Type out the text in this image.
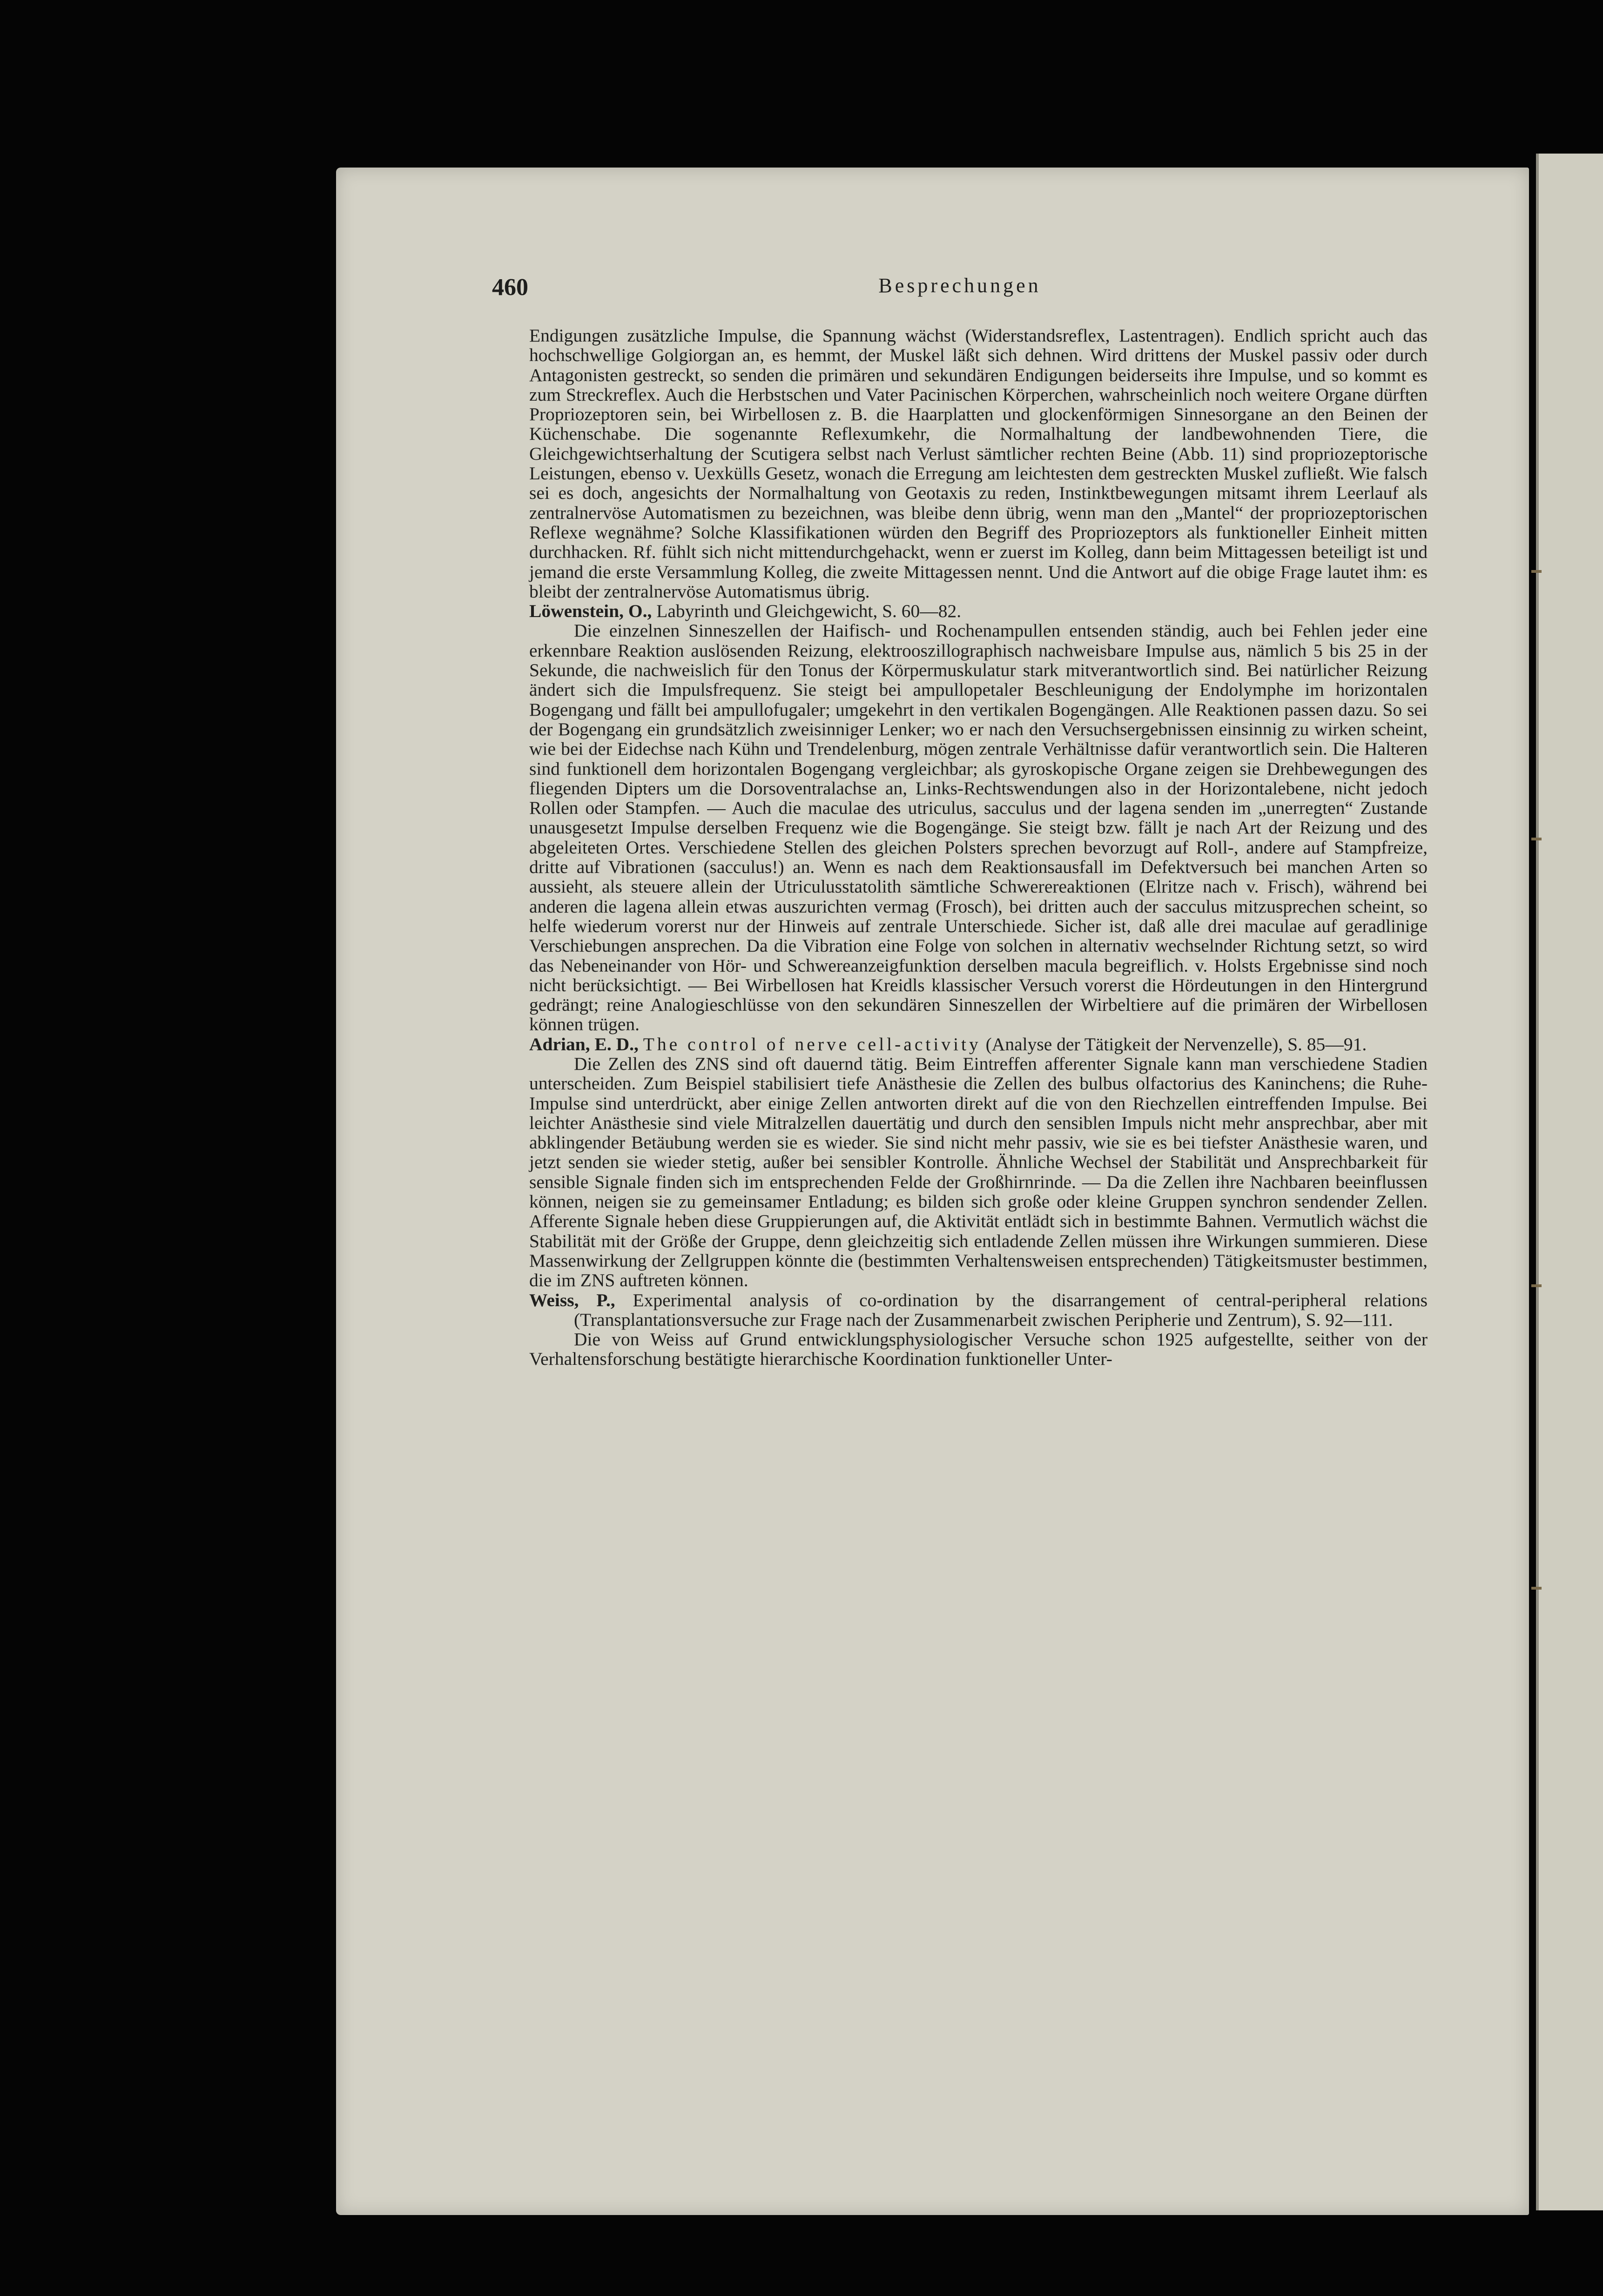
460	Besprechungen

Endigungen zusätzliche Impulse, die Spannung wächst (Widerstandsreflex, Lastentragen). Endlich spricht auch das hochschwellige Golgiorgan an, es hemmt, der Muskel läßt sich dehnen. Wird drittens der Muskel passiv oder durch Antagonisten gestreckt, so senden die primären und sekundären Endigungen beiderseits ihre Impulse, und so kommt es zum Streckreflex. Auch die Herbstschen und Vater Pacinischen Körperchen, wahrscheinlich noch weitere Organe dürften Propriozeptoren sein, bei Wirbellosen z. B. die Haarplatten und glockenförmigen Sinnesorgane an den Beinen der Küchenschabe. Die sogenannte Reflexumkehr, die Normalhaltung der landbewohnenden Tiere, die Gleichgewichtserhaltung der Scutigera selbst nach Verlust sämtlicher rechten Beine (Abb. 11) sind propriozeptorische Leistungen, ebenso v. Uexkülls Gesetz, wonach die Erregung am leichtesten dem gestreckten Muskel zufließt. Wie falsch sei es doch, angesichts der Normalhaltung von Geotaxis zu reden, Instinktbewegungen mitsamt ihrem Leerlauf als zentralnervöse Automatismen zu bezeichnen, was bleibe denn übrig, wenn man den „Mantel“ der propriozeptorischen Reflexe wegnähme? Solche Klassifikationen würden den Begriff des Propriozeptors als funktioneller Einheit mitten durchhacken. Rf. fühlt sich nicht mittendurchgehackt, wenn er zuerst im Kolleg, dann beim Mittagessen beteiligt ist und jemand die erste Versammlung Kolleg, die zweite Mittagessen nennt. Und die Antwort auf die obige Frage lautet ihm: es bleibt der zentralnervöse Automatismus übrig.

Löwenstein, O., Labyrinth und Gleichgewicht, S. 60—82.

Die einzelnen Sinneszellen der Haifisch- und Rochenampullen entsenden ständig, auch bei Fehlen jeder eine erkennbare Reaktion auslösenden Reizung, elektrooszillographisch nachweisbare Impulse aus, nämlich 5 bis 25 in der Sekunde, die nachweislich für den Tonus der Körpermuskulatur stark mitverantwortlich sind. Bei natürlicher Reizung ändert sich die Impulsfrequenz. Sie steigt bei ampullopetaler Beschleunigung der Endolymphe im horizontalen Bogengang und fällt bei ampullofugaler; umgekehrt in den vertikalen Bogengängen. Alle Reaktionen passen dazu. So sei der Bogengang ein grundsätzlich zweisinniger Lenker; wo er nach den Versuchsergebnissen einsinnig zu wirken scheint, wie bei der Eidechse nach Kühn und Trendelenburg, mögen zentrale Verhältnisse dafür verantwortlich sein. Die Halteren sind funktionell dem horizontalen Bogengang vergleichbar; als gyroskopische Organe zeigen sie Drehbewegungen des fliegenden Dipters um die Dorsoventralachse an, Links-Rechtswendungen also in der Horizontalebene, nicht jedoch Rollen oder Stampfen. — Auch die maculae des utriculus, sacculus und der lagena senden im „unerregten“ Zustande unausgesetzt Impulse derselben Frequenz wie die Bogengänge. Sie steigt bzw. fällt je nach Art der Reizung und des abgeleiteten Ortes. Verschiedene Stellen des gleichen Polsters sprechen bevorzugt auf Roll-, andere auf Stampfreize, dritte auf Vibrationen (sacculus!) an. Wenn es nach dem Reaktionsausfall im Defektversuch bei manchen Arten so aussieht, als steuere allein der Utriculusstatolith sämtliche Schwerereaktionen (Elritze nach v. Frisch), während bei anderen die lagena allein etwas auszurichten vermag (Frosch), bei dritten auch der sacculus mitzusprechen scheint, so helfe wiederum vorerst nur der Hinweis auf zentrale Unterschiede. Sicher ist, daß alle drei maculae auf geradlinige Verschiebungen ansprechen. Da die Vibration eine Folge von solchen in alternativ wechselnder Richtung setzt, so wird das Nebeneinander von Hör- und Schwereanzeigfunktion derselben macula begreiflich. v. Holsts Ergebnisse sind noch nicht berücksichtigt. — Bei Wirbellosen hat Kreidls klassischer Versuch vorerst die Hördeutungen in den Hintergrund gedrängt; reine Analogieschlüsse von den sekundären Sinneszellen der Wirbeltiere auf die primären der Wirbellosen können trügen.

Adrian, E. D., The control of nerve cell-activity (Analyse der Tätigkeit der Nervenzelle), S. 85—91.

Die Zellen des ZNS sind oft dauernd tätig. Beim Eintreffen afferenter Signale kann man verschiedene Stadien unterscheiden. Zum Beispiel stabilisiert tiefe Anästhesie die Zellen des bulbus olfactorius des Kaninchens; die Ruhe-Impulse sind unterdrückt, aber einige Zellen antworten direkt auf die von den Riechzellen eintreffenden Impulse. Bei leichter Anästhesie sind viele Mitralzellen dauertätig und durch den sensiblen Impuls nicht mehr ansprechbar, aber mit abklingender Betäubung werden sie es wieder. Sie sind nicht mehr passiv, wie sie es bei tiefster Anästhesie waren, und jetzt senden sie wieder stetig, außer bei sensibler Kontrolle. Ähnliche Wechsel der Stabilität und Ansprechbarkeit für sensible Signale finden sich im entsprechenden Felde der Großhirnrinde. — Da die Zellen ihre Nachbaren beeinflussen können, neigen sie zu gemeinsamer Entladung; es bilden sich große oder kleine Gruppen synchron sendender Zellen. Afferente Signale heben diese Gruppierungen auf, die Aktivität entlädt sich in bestimmte Bahnen. Vermutlich wächst die Stabilität mit der Größe der Gruppe, denn gleichzeitig sich entladende Zellen müssen ihre Wirkungen summieren. Diese Massenwirkung der Zellgruppen könnte die (bestimmten Verhaltensweisen entsprechenden) Tätigkeitsmuster bestimmen, die im ZNS auftreten können.

Weiss, P., Experimental analysis of co-ordination by the disarrangement of central-peripheral relations (Transplantationsversuche zur Frage nach der Zusammenarbeit zwischen Peripherie und Zentrum), S. 92—111.

Die von Weiss auf Grund entwicklungsphysiologischer Versuche schon 1925 aufgestellte, seither von der Verhaltensforschung bestätigte hierarchische Koordination funktioneller Unter-
